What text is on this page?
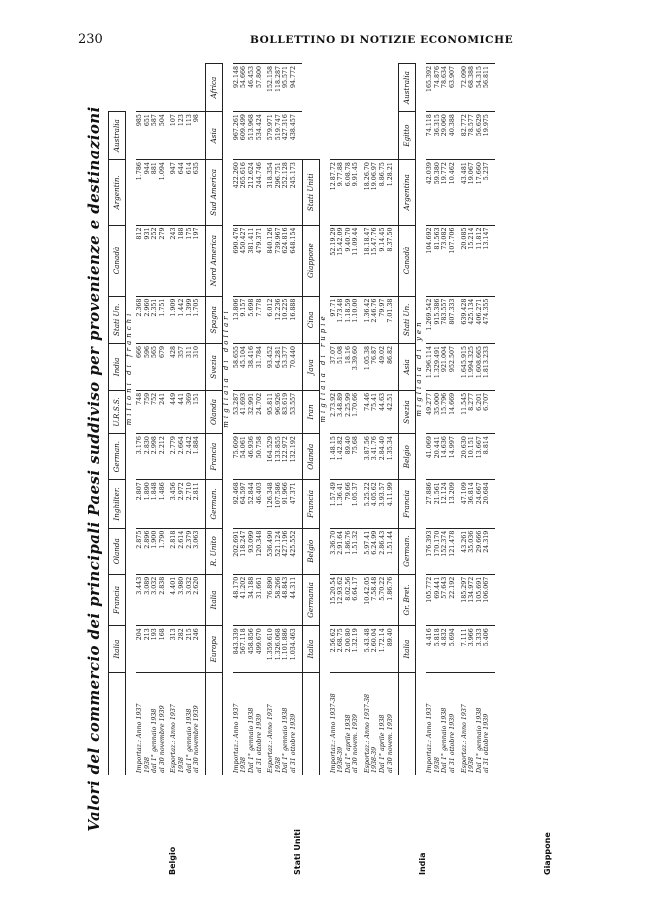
230	BOLLETTINO DI NOTIZIE ECONOMICHE
Valori del commercio dei principali Paesi suddiviso per provenienze e destinazioni
Belgio	Stati Uniti	India	Giappone
	Italia	Francia	Olanda	Inghilter.	German.	U.R.S.S.	India	Stati Un.	Canadà	Argentin.	Australia	
	milioni di franchi											
Importaz.: Anno 1937	204	3.443	2.875	2.807	3.176	748	666	2.368	812	1.786	985	
1938	213	3.089	2.896	1.890	2.830	759	596	2.960	931	944	651	
dal 1° gennaio 1938	193	3.032	1.900	1.848	2.998	752	565	2.351	252	881	587	
al 30 novembre 1939	168	2.838	1.790	1.486	2.212	241	679	1.751	279	1.094	504	
Esportaz.: Anno 1937	313	4.401	2.818	3.456	2.779	449	428	1.909	243	947	107	
1938	282	3.980	2.614	2.972	2.664	441	357	1.442	188	644	123	
dal 1° gennaio 1938	215	3.032	2.379	2.710	2.442	369	311	1.399	175	614	113	
al 30 novembre 1939	246	2.620	3.063	2.811	1.884	151	310	1.705	197	635	98	
	Europa	Italia	R. Unito	German.	Francia	Olanda	Svezia	Spagna	Nord America	Sud America	Asia	Africa
	migliaia di dollari											
Importaz.: Anno 1937	843.339	48.170	202.691	92.468	75.609	53.287	58.655	13.806	690.476	422.260	967.261	92.148
1938	567.118	41.202	118.247	64.597	54.061	41.693	45.104	9.157	450.427	265.616	609.499	54.666
Dal 1° gennaio 1938	458.856	34.188	93.099	52.844	46.936	32.991	38.416	5.698	381.411	212.624	513.968	46.453
al 31 ottobre 1939	499.670	31.661	120.348	46.403	50.758	24.702	31.784	7.778	479.371	244.746	534.424	57.800
Esportaz.: Anno 1937	1.359.610	76.890	536.490	126.348	164.529	95.811	93.452	6.012	840.126	318.354	579.971	152.158
1938	1.326.068	58.266	521.124	107.586	133.855	96.926	64.281	12.236	739.967	296.751	519.747	118.287
Dal 1° gennaio 1938	1.101.886	48.843	427.196	91.966	122.972	83.619	53.377	10.225	624.816	252.128	427.316	95.571
al 31 ottobre 1939	1.034.463	44.311	425.552	47.371	132.192	53.557	70.440	16.888	648.154	245.173	438.457	94.772
	Italia	Germania	Belgio	Francia	Olanda	Iran	Java	Cina	Giappone	Stati Uniti		
	migliaia di rupie											
Importaz.: Anno 1937-38	2.56.62	15.20.54	3.36.70	1.57.49	1.48.15	2.73.92	37.07	97.71	52.19.29	12.87.72		
1938-39	2.68.75	12.93.62	2.91.64	1.36.41	1.42.82	3.48.89	51.08	1.73.48	15.42.09	9.77.88		
Dal 1° aprile 1938	2.00.80	8.02.56	1.86.76	79.66	89.40	2.25.99	18.16	1.18.59	9.40.70	6.08.78		
al 30 novem. 1939	1.32.19	6.64.17	1.51.32	1.05.37	75.68	1.70.66	3.39.60	1.10.00	11.09.44	9.91.45		
Esportaz.: Anno 1937-38	5.43.48	10.42.05	5.97.41	5.25.22	3.87.56	74.46	1.05.38	1.36.42	18.18.47	18.26.70		
1938-39	2.60.04	7.58.48	6.24.99	4.05.62	3.41.76	75.41	76.87	2.46.76	15.47.76	19.06.97		
Dal 1° aprile 1938	1.72.14	5.70.22	2.86.43	3.93.57	2.84.40	44.63	49.02	79.97	9.14.45	8.86.75		
al 30 novem. 1939	89.40	1.86.76	1.51.44	4.11.99	1.35.34	42.51	86.82	7.01.38	8.37.50	1.28.21		
	Italia	Gr. Bret.	German.	Francia	Belgio	Svezia	Asia	Stati Un.	Canadà	Argentina	Egitto	Australia
	migliaia di yen											
Importaz.: Anno 1937	4.416	105.772	176.393	27.886	41.069	49.277	1.296.114	1.269.542	104.692	42.039	74.118	165.392
1938	5.818	69.441	170.170	21.561	20.441	35.000	1.329.491	915.386	81.563	59.380	36.315	74.876
Dal 1° gennaio 1938	4.832	57.643	152.374	12.124	14.636	15.796	921.004	783.557	73.082	19.772	29.060	78.634
al 31 ottobre 1939	5.694	22.192	121.478	13.209	14.997	14.669	952.507	807.333	107.706	10.462	40.388	63.907
Esportaz.: Anno 1937	7.111	185.297	43.261	47.109	20.630	11.545	1.645.915	639.428	20.085	43.481	82.772	72.090
1938	3.966	134.972	35.036	36.814	10.151	8.277	1.994.325	425.134	15.214	19.067	78.577	68.388
Dal 1° gennaio 1938	3.333	105.691	29.666	24.667	13.667	6.201	1.608.665	406.271	11.812	17.660	56.629	54.315
al 31 ottobre 1939	5.406	106.067	24.319	20.684	8.814	6.707	1.813.233	474.355	13.147	5.237	19.975	56.811
